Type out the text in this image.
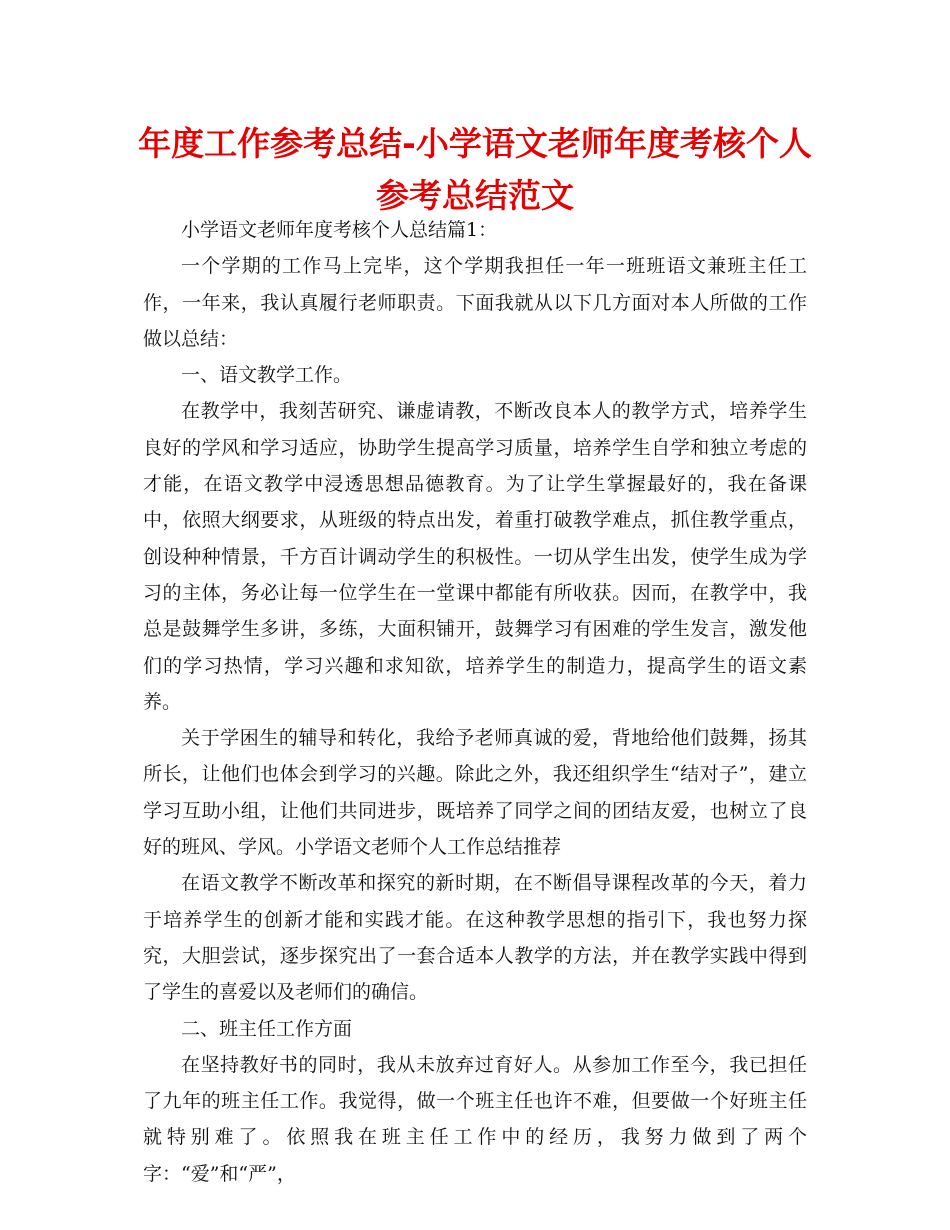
年度工作参考总结-小学语文老师年度考核个人参考总结范文

小学语文老师年度考核个人总结篇1：

一个学期的工作马上完毕，这个学期我担任一年一班班语文兼班主任工作，一年来，我认真履行老师职责。下面我就从以下几方面对本人所做的工作做以总结：

一、语文教学工作。

在教学中，我刻苦研究、谦虚请教，不断改良本人的教学方式，培养学生良好的学风和学习适应，协助学生提高学习质量，培养学生自学和独立考虑的才能，在语文教学中浸透思想品德教育。为了让学生掌握最好的，我在备课中，依照大纲要求，从班级的特点出发，着重打破教学难点，抓住教学重点，创设种种情景，千方百计调动学生的积极性。一切从学生出发，使学生成为学习的主体，务必让每一位学生在一堂课中都能有所收获。因而，在教学中，我总是鼓舞学生多讲，多练，大面积铺开，鼓舞学习有困难的学生发言，激发他们的学习热情，学习兴趣和求知欲，培养学生的制造力，提高学生的语文素养。

关于学困生的辅导和转化，我给予老师真诚的爱，背地给他们鼓舞，扬其所长，让他们也体会到学习的兴趣。除此之外，我还组织学生“结对子”，建立学习互助小组，让他们共同进步，既培养了同学之间的团结友爱，也树立了良好的班风、学风。小学语文老师个人工作总结推荐

在语文教学不断改革和探究的新时期，在不断倡导课程改革的今天，着力于培养学生的创新才能和实践才能。在这种教学思想的指引下，我也努力探究，大胆尝试，逐步探究出了一套合适本人教学的方法，并在教学实践中得到了学生的喜爱以及老师们的确信。

二、班主任工作方面

在坚持教好书的同时，我从未放弃过育好人。从参加工作至今，我已担任了九年的班主任工作。我觉得，做一个班主任也许不难，但要做一个好班主任就特别难了。依照我在班主任工作中的经历，我努力做到了两个字：“爱”和“严”，
